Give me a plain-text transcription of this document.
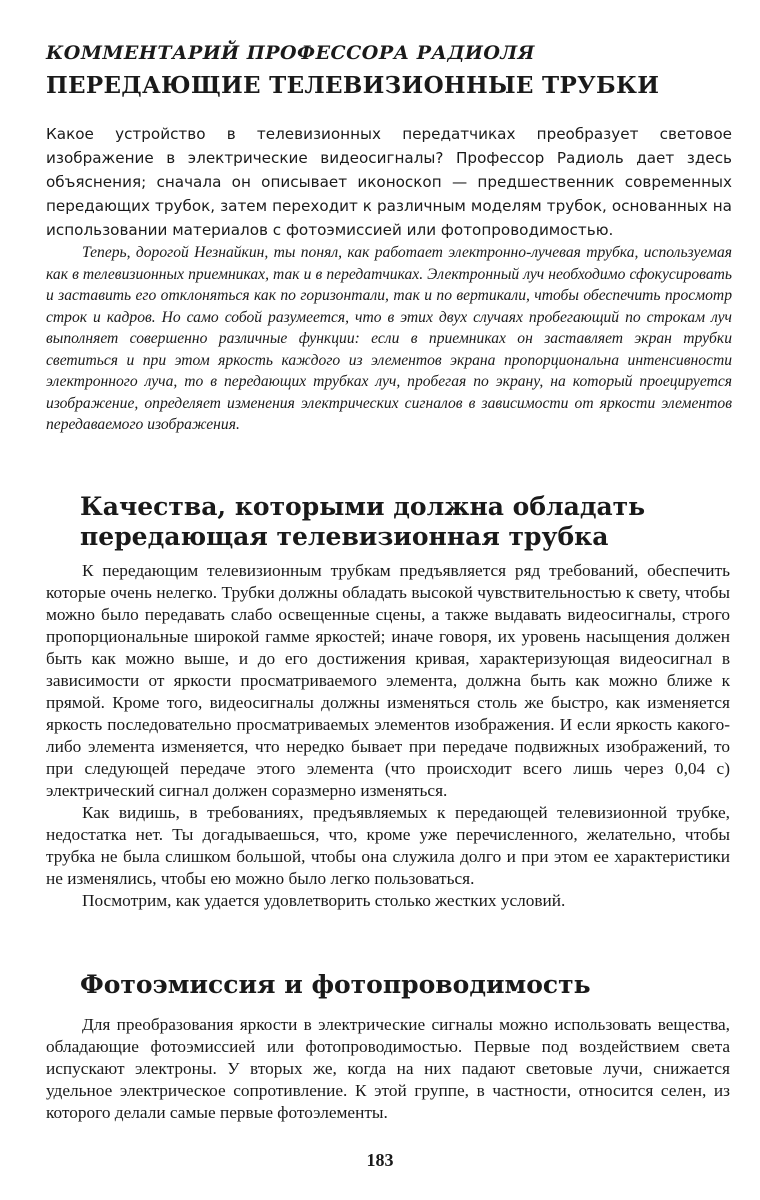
КОММЕНТАРИЙ ПРОФЕССОРА РАДИОЛЯ
ПЕРЕДАЮЩИЕ ТЕЛЕВИЗИОННЫЕ ТРУБКИ
Какое устройство в телевизионных передатчиках преобразует световое изображение в электрические видеосигналы? Профессор Радиоль дает здесь объяснения; сначала он описывает иконоскоп — предшественник современных передающих трубок, затем переходит к различным моделям трубок, основанных на использовании материалов с фотоэмиссией или фотопроводимостью.
Теперь, дорогой Незнайкин, ты понял, как работает электронно-лучевая трубка, используемая как в телевизионных приемниках, так и в передатчиках. Электронный луч необходимо сфокусировать и заставить его отклоняться как по горизонтали, так и по вертикали, чтобы обеспечить просмотр строк и кадров. Но само собой разумеется, что в этих двух случаях пробегающий по строкам луч выполняет совершенно различные функции: если в приемниках он заставляет экран трубки светиться и при этом яркость каждого из элементов экрана пропорциональна интенсивности электронного луча, то в передающих трубках луч, пробегая по экрану, на который проецируется изображение, определяет изменения электрических сигналов в зависимости от яркости элементов передаваемого изображения.
Качества, которыми должна обладать передающая телевизионная трубка

К передающим телевизионным трубкам предъявляется ряд требований, обеспечить которые очень нелегко. Трубки должны обладать высокой чувствительностью к свету, чтобы можно было передавать слабо освещенные сцены, а также выдавать видеосигналы, строго пропорциональные широкой гамме яркостей; иначе говоря, их уровень насыщения должен быть как можно выше, и до его достижения кривая, характеризующая видеосигнал в зависимости от яркости просматриваемого элемента, должна быть как можно ближе к прямой. Кроме того, видеосигналы должны изменяться столь же быстро, как изменяется яркость последовательно просматриваемых элементов изображения. И если яркость какого-либо элемента изменяется, что нередко бывает при передаче подвижных изображений, то при следующей передаче этого элемента (что происходит всего лишь через 0,04 с) электрический сигнал должен соразмерно изменяться.

Как видишь, в требованиях, предъявляемых к передающей телевизионной трубке, недостатка нет. Ты догадываешься, что, кроме уже перечисленного, желательно, чтобы трубка не была слишком большой, чтобы она служила долго и при этом ее характеристики не изменялись, чтобы ею можно было легко пользоваться.

Посмотрим, как удается удовлетворить столько жестких условий.

Фотоэмиссия и фотопроводимость

Для преобразования яркости в электрические сигналы можно использовать вещества, обладающие фотоэмиссией или фотопроводимостью. Первые под воздействием света испускают электроны. У вторых же, когда на них падают световые лучи, снижается удельное электрическое сопротивление. К этой группе, в частности, относится селен, из которого делали самые первые фотоэлементы.

183
